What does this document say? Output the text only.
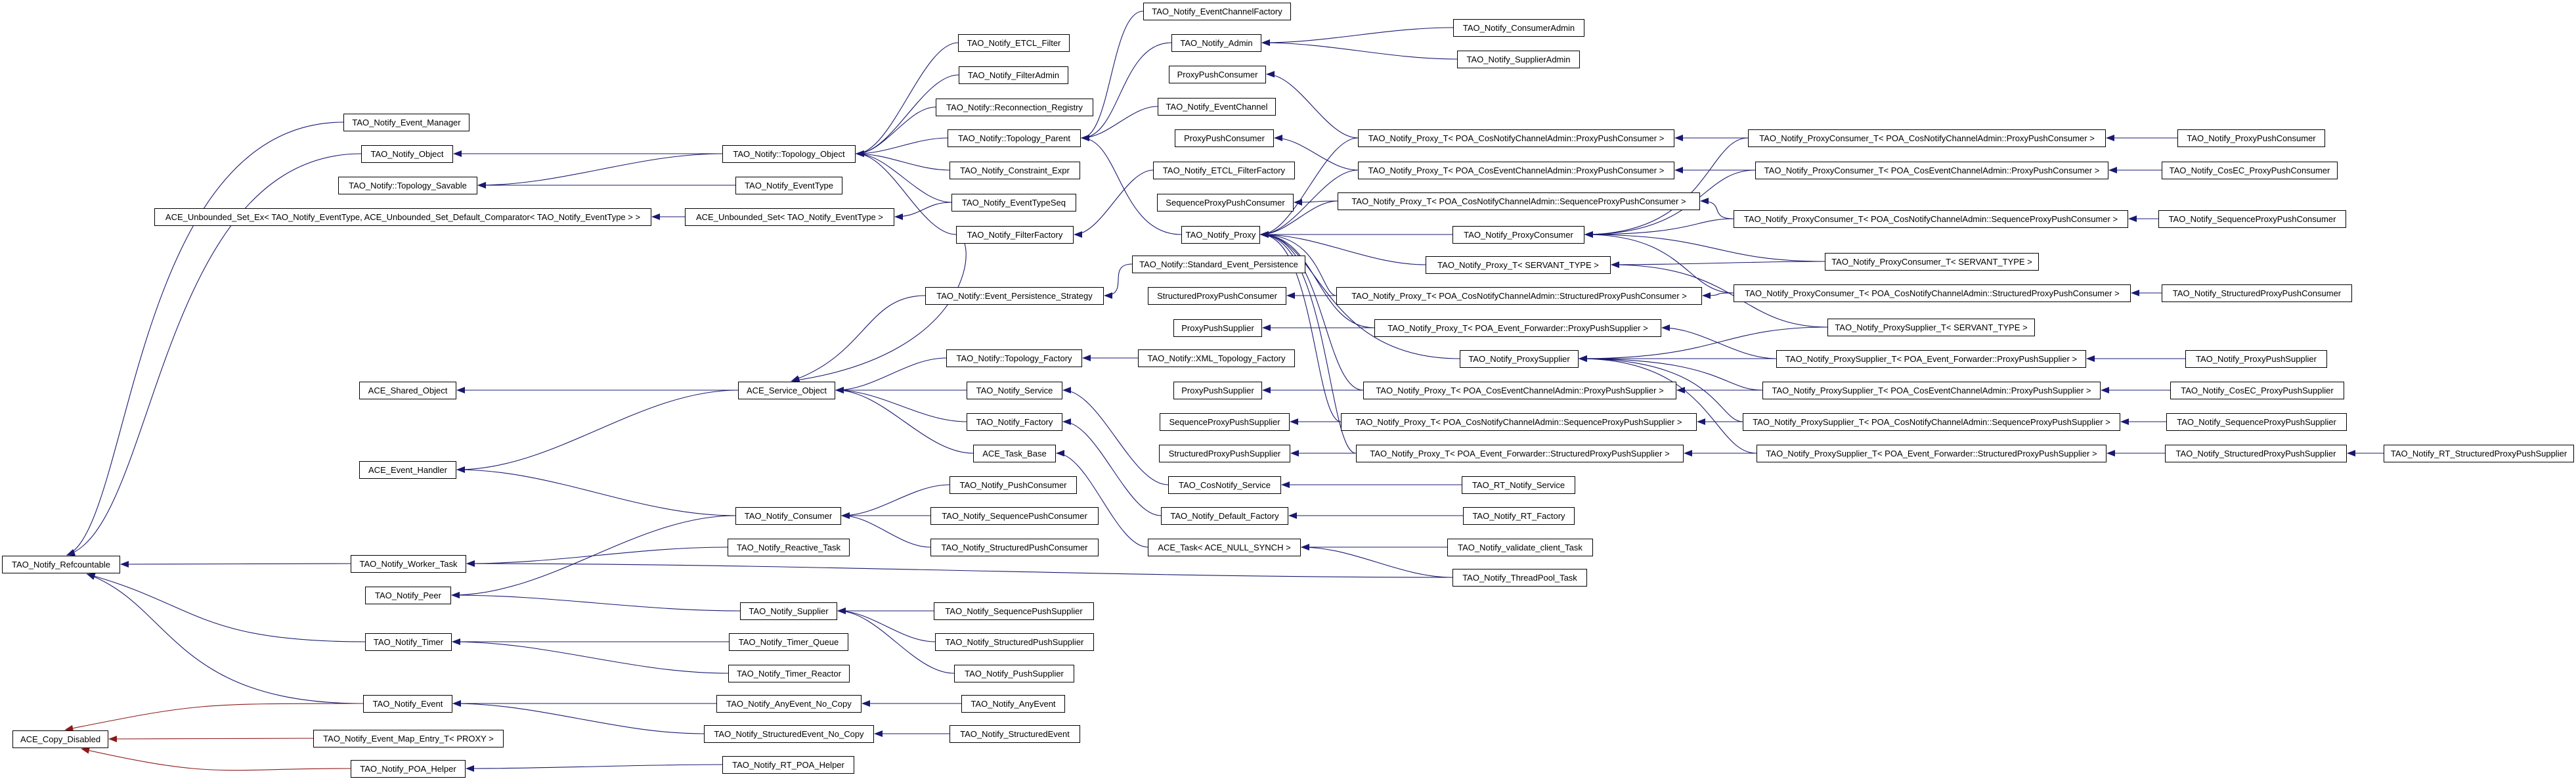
TAO_Notify_Refcountable
ACE_Copy_Disabled
TAO_Notify_Event_Manager
TAO_Notify_Object
TAO_Notify::Topology_Savable
ACE_Unbounded_Set_Ex< TAO_Notify_EventType, ACE_Unbounded_Set_Default_Comparator< TAO_Notify_EventType > >
ACE_Shared_Object
ACE_Event_Handler
TAO_Notify_Worker_Task
TAO_Notify_Peer
TAO_Notify_Timer
TAO_Notify_Event
TAO_Notify_Event_Map_Entry_T< PROXY >
TAO_Notify_POA_Helper
TAO_Notify::Topology_Object
TAO_Notify_EventType
ACE_Unbounded_Set< TAO_Notify_EventType >
TAO_Notify_ETCL_Filter
TAO_Notify_FilterAdmin
TAO_Notify::Reconnection_Registry
TAO_Notify::Topology_Parent
TAO_Notify_Constraint_Expr
TAO_Notify_EventTypeSeq
TAO_Notify_FilterFactory
TAO_Notify::Standard_Event_Persistence
TAO_Notify::Event_Persistence_Strategy
TAO_Notify::Topology_Factory	TAO_Notify::XML_Topology_Factory
ACE_Service_Object	TAO_Notify_Service
TAO_Notify_Factory
ACE_Task_Base
TAO_Notify_PushConsumer
TAO_Notify_Consumer	TAO_Notify_SequencePushConsumer
TAO_Notify_StructuredPushConsumer
TAO_Notify_Reactive_Task	ACE_Task< ACE_NULL_SYNCH >
TAO_Notify_Supplier	TAO_Notify_SequencePushSupplier
TAO_Notify_Timer_Queue	TAO_Notify_StructuredPushSupplier
TAO_Notify_Timer_Reactor	TAO_Notify_PushSupplier
TAO_Notify_AnyEvent_No_Copy	TAO_Notify_AnyEvent
TAO_Notify_StructuredEvent_No_Copy	TAO_Notify_StructuredEvent
TAO_Notify_RT_POA_Helper
TAO_Notify_EventChannelFactory
TAO_Notify_Admin
ProxyPushConsumer
TAO_Notify_EventChannel
ProxyPushConsumer
TAO_Notify_ETCL_FilterFactory
SequenceProxyPushConsumer
TAO_Notify_Proxy
StructuredProxyPushConsumer
ProxyPushSupplier
ProxyPushSupplier
SequenceProxyPushSupplier
StructuredProxyPushSupplier
TAO_CosNotify_Service
TAO_Notify_Default_Factory
TAO_Notify_ConsumerAdmin
TAO_Notify_SupplierAdmin
TAO_Notify_Proxy_T< POA_CosNotifyChannelAdmin::ProxyPushConsumer >
TAO_Notify_Proxy_T< POA_CosEventChannelAdmin::ProxyPushConsumer >
TAO_Notify_Proxy_T< POA_CosNotifyChannelAdmin::SequenceProxyPushConsumer >
TAO_Notify_ProxyConsumer
TAO_Notify_Proxy_T< SERVANT_TYPE >
TAO_Notify_Proxy_T< POA_CosNotifyChannelAdmin::StructuredProxyPushConsumer >
TAO_Notify_Proxy_T< POA_Event_Forwarder::ProxyPushSupplier >
TAO_Notify_ProxySupplier
TAO_Notify_Proxy_T< POA_CosEventChannelAdmin::ProxyPushSupplier >
TAO_Notify_Proxy_T< POA_CosNotifyChannelAdmin::SequenceProxyPushSupplier >
TAO_Notify_Proxy_T< POA_Event_Forwarder::StructuredProxyPushSupplier >
TAO_RT_Notify_Service
TAO_Notify_RT_Factory
TAO_Notify_validate_client_Task
TAO_Notify_ThreadPool_Task
TAO_Notify_ProxyConsumer_T< POA_CosNotifyChannelAdmin::ProxyPushConsumer >
TAO_Notify_ProxyConsumer_T< POA_CosEventChannelAdmin::ProxyPushConsumer >
TAO_Notify_ProxyConsumer_T< POA_CosNotifyChannelAdmin::SequenceProxyPushConsumer >
TAO_Notify_ProxyConsumer_T< SERVANT_TYPE >
TAO_Notify_ProxyConsumer_T< POA_CosNotifyChannelAdmin::StructuredProxyPushConsumer >
TAO_Notify_ProxySupplier_T< SERVANT_TYPE >
TAO_Notify_ProxySupplier_T< POA_Event_Forwarder::ProxyPushSupplier >
TAO_Notify_ProxySupplier_T< POA_CosEventChannelAdmin::ProxyPushSupplier >
TAO_Notify_ProxySupplier_T< POA_CosNotifyChannelAdmin::SequenceProxyPushSupplier >
TAO_Notify_ProxySupplier_T< POA_Event_Forwarder::StructuredProxyPushSupplier >
TAO_Notify_ProxyPushConsumer
TAO_Notify_CosEC_ProxyPushConsumer
TAO_Notify_SequenceProxyPushConsumer
TAO_Notify_StructuredProxyPushConsumer
TAO_Notify_ProxyPushSupplier
TAO_Notify_CosEC_ProxyPushSupplier
TAO_Notify_SequenceProxyPushSupplier
TAO_Notify_StructuredProxyPushSupplier	TAO_Notify_RT_StructuredProxyPushSupplier
